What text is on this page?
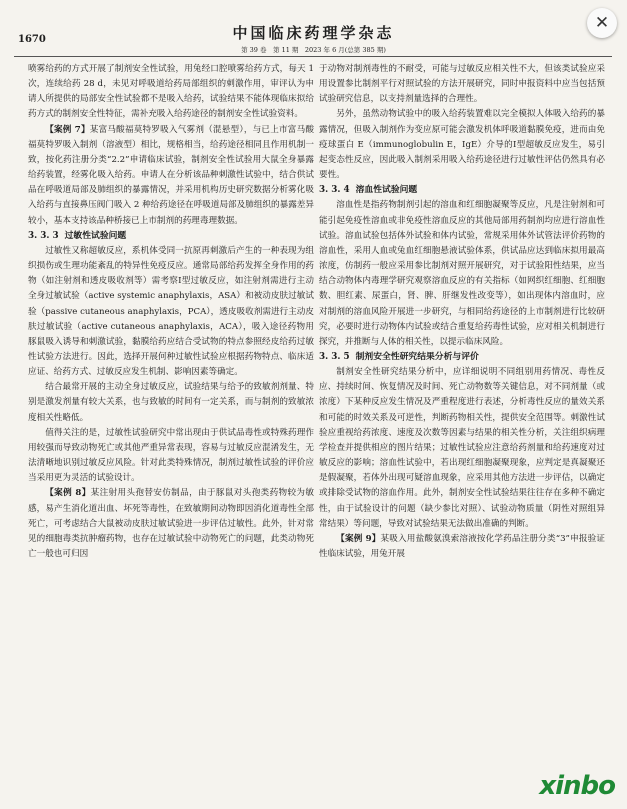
1670	中国临床药理学杂志
第 39 卷　第 11 期　2023 年 6 月(总第 385 期)
✕

喷雾给药的方式开展了制剂安全性试验，用兔经口腔喷雾给药方式，每天 1 次，连续给药 28 d，未见对呼吸道给药局部组织的刺激作用，审评认为申请人所提供的局部安全性试验都不是吸入给药，试验结果不能体现临床拟给药方式的制剂安全性特征，需补充吸入给药途径的制剂安全性试验资料。

【案例 7】某富马酸福莫特罗吸入气雾剂（混悬型），与已上市富马酸福莫特罗吸入制剂（溶液型）相比，规格相当，给药途径相同且作用机制一致，按化药注册分类“2.2”申请临床试验，制剂安全性试验用大鼠全身暴露给药装置，经雾化吸入给药。申请人在分析该品种刺激性试验中，结合供试品在呼吸道局部及肺组织的暴露情况，并采用机构历史研究数据分析雾化吸入给药与直接鼻压阀门吸入 2 种给药途径在呼吸道局部及肺组织的暴露差异较小，基本支持该品种桥接已上市制剂的药理毒理数据。

3. 3. 3 过敏性试验问题

过敏性又称超敏反应，系机体受同一抗原再刺激后产生的一种表现为组织损伤或生理功能紊乱的特异性免疫反应。通常局部给药发挥全身作用的药物（如注射剂和透皮吸收剂等）需考察Ⅰ型过敏反应，如注射剂需进行主动全身过敏试验（active systemic anaphylaxis，ASA）和被动皮肤过敏试验（passive cutaneous anaphylaxis，PCA），透皮吸收剂需进行主动皮肤过敏试验（active cutaneous anaphylaxis，ACA），吸入途径药物用豚鼠吸入诱导和刺激试验，黏膜给药应结合受试物的特点参照经皮给药过敏性试验方法进行。因此，选择开展何种过敏性试验应根据药物特点、临床适应证、给药方式、过敏反应发生机制、影响因素等确定。

结合最常开展的主动全身过敏反应，试验结果与给予的致敏剂剂量、特别是激发剂量有较大关系，也与致敏的时间有一定关系，而与制剂的致敏浓度相关性略低。

值得关注的是，过敏性试验研究中常出现由于供试品毒性或特殊药理作用较强而导致动物死亡或其他严重异常表现，容易与过敏反应混淆发生，无法清晰地识别过敏反应风险。针对此类特殊情况，制剂过敏性试验的评价应当采用更为灵活的试验设计。

【案例 8】某注射用头孢替安仿制品，由于豚鼠对头孢类药物较为敏感，易产生消化道出血、坏死等毒性，在致敏期间动物即因消化道毒性全部死亡，可考虑结合大鼠被动皮肤过敏试验进一步评估过敏性。此外，针对常见的细胞毒类抗肿瘤药物，也存在过敏试验中动物死亡的问题，此类动物死亡一般也可归因

于动物对制剂毒性的不耐受，可能与过敏反应相关性不大，但该类试验应采用设置参比制剂平行对照试验的方法开展研究，同时申报资料中应当包括预试验研究信息，以支持剂量选择的合理性。

另外，虽然动物试验中的吸入给药装置难以完全模拟人体吸入给药的暴露情况，但吸入制剂作为变应原可能会激发机体呼吸道黏膜免疫，进而由免疫球蛋白 E（immunoglobulin E，IgE）介导的Ⅰ型超敏反应发生，易引起变态性反应，因此吸入制剂采用吸入给药途径进行过敏性评估仍然具有必要性。

3. 3. 4 溶血性试验问题

溶血性是指药物制剂引起的溶血和红细胞凝聚等反应，凡是注射剂和可能引起免疫性溶血或非免疫性溶血反应的其他局部用药制剂均应进行溶血性试验。溶血试验包括体外试验和体内试验，常规采用体外试管法评价药物的溶血性，采用人血或兔血红细胞悬液试验体系，供试品应达到临床拟用最高浓度，仿制药一般应采用参比制剂对照开展研究，对于试验阳性结果，应当结合动物体内毒理学研究观察溶血反应的有关指标（如网织红细胞、红细胞数、胆红素、尿蛋白，肾、脾、肝继发性改变等），如出现体内溶血时，应对制剂的溶血风险开展进一步研究，与相同给药途径的上市制剂进行比较研究，必要时进行动物体内试验或结合重复给药毒性试验，应对相关机制进行探究，并推断与人体的相关性，以提示临床风险。

3. 3. 5 制剂安全性研究结果分析与评价

制剂安全性研究结果分析中，应详细说明不同组别用药情况、毒性反应、持续时间、恢复情况及时间、死亡动物数等关键信息，对不同剂量（或浓度）下某种反应发生情况及严重程度进行表述，分析毒性反应的量效关系和可能的时效关系及可逆性，判断药物相关性，提供安全范围等。刺激性试验应重视给药浓度、速度及次数等因素与结果的相关性分析，关注组织病理学检查并提供相应的图片结果；过敏性试验应注意给药剂量和给药速度对过敏反应的影响；溶血性试验中，若出现红细胞凝聚现象，应判定是真凝聚还是假凝聚，若体外出现可疑溶血现象，应采用其他方法进一步评估，以确定或排除受试物的溶血作用。此外，制剂安全性试验结果往往存在多种不确定性，由于试验设计的问题（缺少参比对照）、试验动物质量（阴性对照组异常结果）等问题，导致对试验结果无法做出准确的判断。

【案例 9】某吸入用盐酸氨溴索溶液按化学药品注册分类“3”申报验证性临床试验，用兔开展

xinbo
